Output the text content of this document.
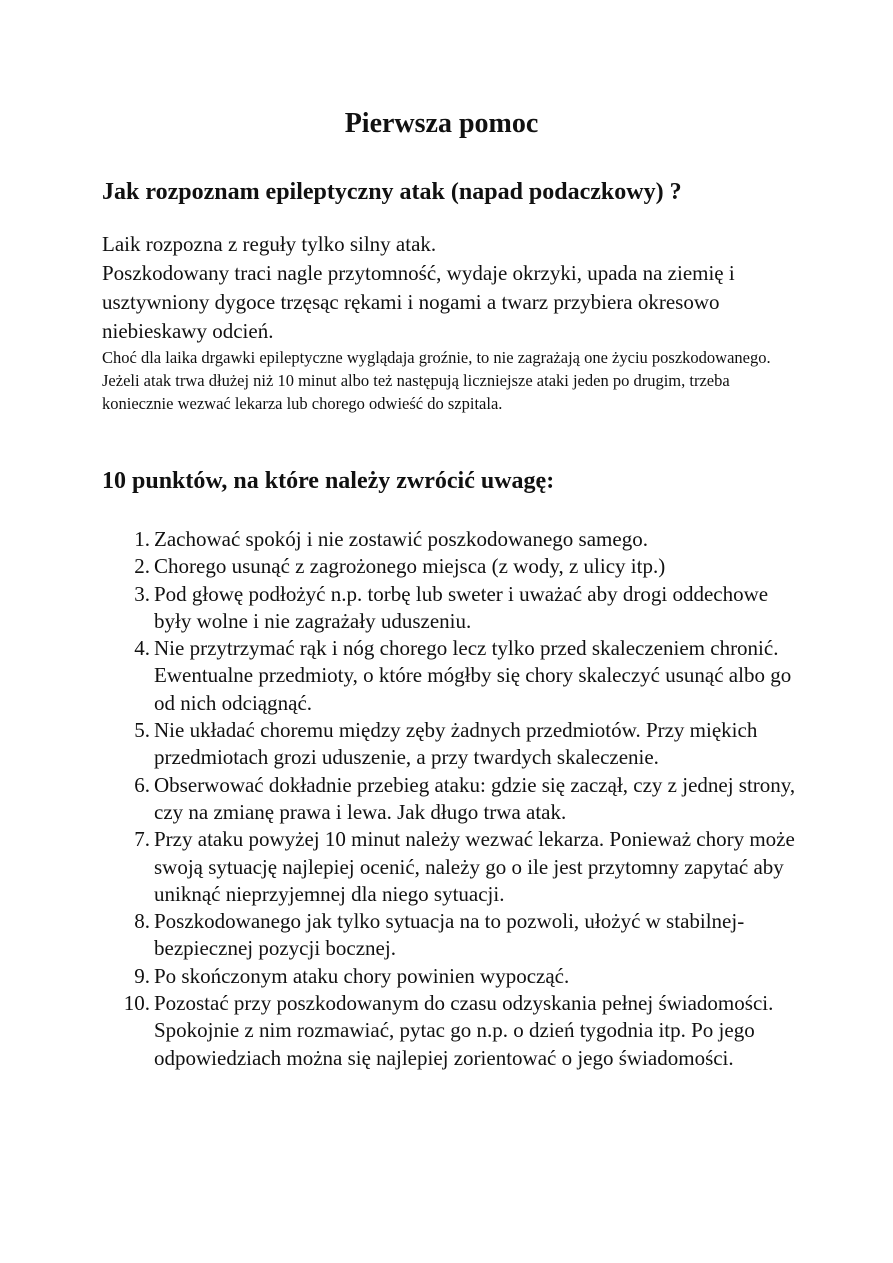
Pierwsza pomoc
Jak rozpoznam epileptyczny atak (napad podaczkowy) ?

Laik rozpozna z reguły tylko silny atak.

Poszkodowany traci nagle przytomność, wydaje okrzyki, upada na ziemię i usztywniony dygoce trzęsąc rękami i nogami a twarz przybiera okresowo niebieskawy odcień.

Choć dla laika drgawki epileptyczne wyglądaja groźnie, to nie zagrażają one życiu poszkodowanego. Jeżeli atak trwa dłużej niż 10 minut albo też następują liczniejsze ataki jeden po drugim, trzeba koniecznie wezwać lekarza lub chorego odwieść do szpitala.

10 punktów, na które należy zwrócić uwagę:
1. Zachować spokój i nie zostawić poszkodowanego samego.
2. Chorego usunąć z zagrożonego miejsca (z wody, z ulicy itp.)
3. Pod głowę podłożyć n.p. torbę lub sweter i uważać aby drogi oddechowe były wolne i nie zagrażały uduszeniu.
4. Nie przytrzymać rąk i nóg chorego lecz tylko przed skaleczeniem chronić. Ewentualne przedmioty, o które mógłby się chory skaleczyć usunąć albo go od nich odciągnąć.
5. Nie układać choremu między zęby żadnych przedmiotów. Przy miękich przedmiotach grozi uduszenie, a przy twardych skaleczenie.
6. Obserwować dokładnie przebieg ataku: gdzie się zaczął, czy z jednej strony, czy na zmianę prawa i lewa. Jak długo trwa atak.
7. Przy ataku powyżej 10 minut należy wezwać lekarza. Ponieważ chory może swoją sytuację najlepiej ocenić, należy go o ile jest przytomny zapytać aby uniknąć nieprzyjemnej dla niego sytuacji.
8. Poszkodowanego jak tylko sytuacja na to pozwoli, ułożyć w stabilnej-bezpiecznej pozycji bocznej.
9. Po skończonym ataku chory powinien wypocząć.
10. Pozostać przy poszkodowanym do czasu odzyskania pełnej świadomości. Spokojnie z nim rozmawiać, pytac go n.p. o dzień tygodnia itp. Po jego odpowiedziach można się najlepiej zorientować o jego świadomości.
